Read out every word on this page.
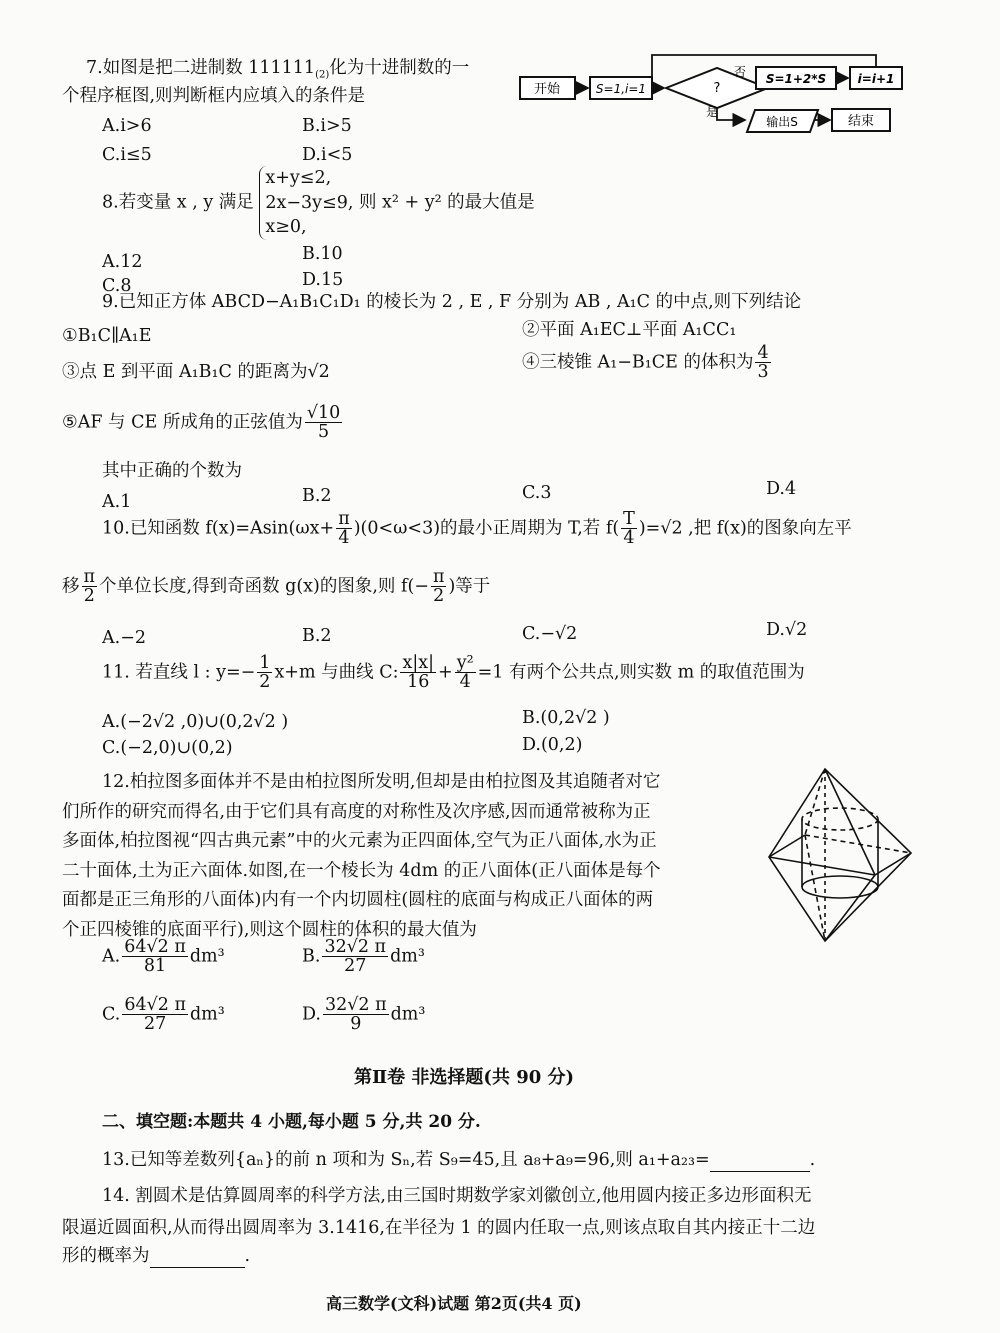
7.如图是把二进制数 $111111_{(2)}$化为十进制数的一
个程序框图,则判断框内应填入的条件是
A.i>6	B.i>5
C.i≤5	D.i<5
开始	S=1,i=1	?
否 S=1+2*S	i=i+1
是
输出S	结束
8.若变量 x , y 满足
x+y≤2,
2x−3y≤9,
x≥0,
则 x² + y² 的最大值是
A.12	B.10
C.8	D.15
9.已知正方体 ABCD−A₁B₁C₁D₁ 的棱长为 2 , E , F 分别为 AB , A₁C 的中点,则下列结论
①B₁C∥A₁E	②平面 A₁EC⊥平面 A₁CC₁
③点 E 到平面 A₁B₁C 的距离为√2	④三棱锥 A₁−B₁CE 的体积为 $\frac{4}{3}$
⑤AF 与 CE 所成角的正弦值为 $\frac{√10}{5}$
其中正确的个数为
A.1	B.2	C.3	D.4
10.已知函数 $f(x)=Asin(\omega x+ \frac{\pi}{4} )(0<\omega<3)$的最小正周期为 T,若 $f( \frac{T}{4} )=√2$ ,把 f(x)的图象向左平
移 $\frac{\pi}{2}$ 个单位长度,得到奇函数 g(x)的图象,则 $f(- \frac{\pi}{2}$ )等于
A.−2	B.2	C.−√2	D.√2
11. 若直线 l : $y=- \frac{1}{2} x+m$ 与曲线 C: $\frac{x|x|}{16} + \frac{\text{y²}}{4} =1$ 有两个公共点,则实数 m 的取值范围为
A.(−2√2 ,0)∪(0,2√2 )	B.(0,2√2 )
C.(−2,0)∪(0,2)	D.(0,2)
12.柏拉图多面体并不是由柏拉图所发明,但却是由柏拉图及其追随者对它
们所作的研究而得名,由于它们具有高度的对称性及次序感,因而通常被称为正
多面体,柏拉图视“四古典元素”中的火元素为正四面体,空气为正八面体,水为正
二十面体,土为正六面体.如图,在一个棱长为 4dm 的正八面体(正八面体是每个
面都是正三角形的八面体)内有一个内切圆柱(圆柱的底面与构成正八面体的两
个正四棱锥的底面平行),则这个圆柱的体积的最大值为
A. $\frac{64√2 \pi}{81} dm^3$	B. $\frac{32√2 \pi}{27} dm^3$
C. $\frac{64√2 \pi}{27} dm^3$	D. $\frac{32√2 \pi}{9} dm^3$
第Ⅱ卷 非选择题(共 90 分)
二、填空题:本题共 4 小题,每小题 5 分,共 20 分.
13.已知等差数列{aₙ}的前 n 项和为 Sₙ,若 S₉=45,且 a₈+a₉=96,则 a₁+a₂₃=	.
14. 割圆术是估算圆周率的科学方法,由三国时期数学家刘徽创立,他用圆内接正多边形面积无
限逼近圆面积,从而得出圆周率为 3.1416,在半径为 1 的圆内任取一点,则该点取自其内接正十二边
形的概率为	.
高三数学(文科)试题 第2页(共4 页)
